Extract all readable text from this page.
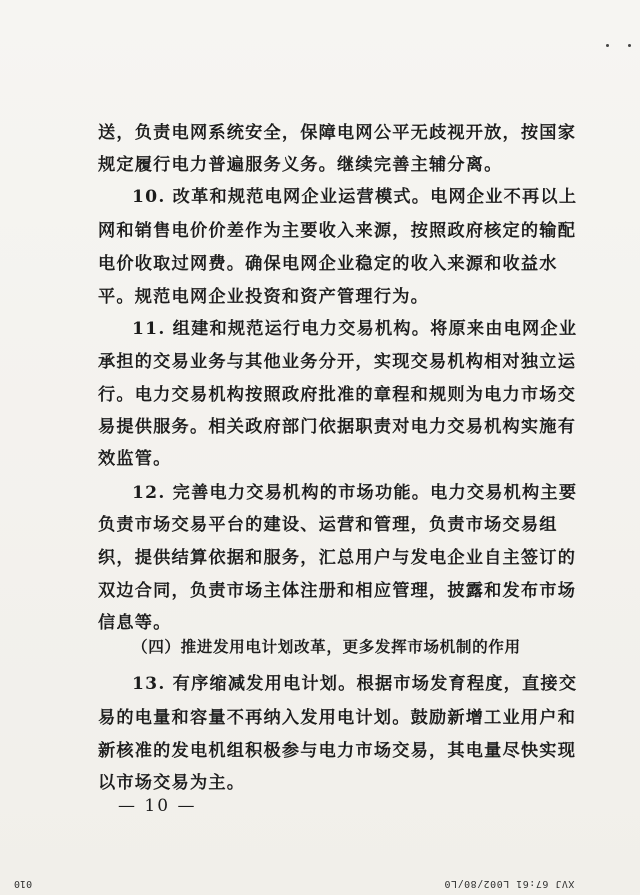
送，负责电网系统安全，保障电网公平无歧视开放，按国家
规定履行电力普遍服务义务。继续完善主辅分离。
10. 改革和规范电网企业运营模式。电网企业不再以上
网和销售电价价差作为主要收入来源，按照政府核定的输配
电价收取过网费。确保电网企业稳定的收入来源和收益水
平。规范电网企业投资和资产管理行为。
11. 组建和规范运行电力交易机构。将原来由电网企业
承担的交易业务与其他业务分开，实现交易机构相对独立运
行。电力交易机构按照政府批准的章程和规则为电力市场交
易提供服务。相关政府部门依据职责对电力交易机构实施有
效监管。
12. 完善电力交易机构的市场功能。电力交易机构主要
负责市场交易平台的建设、运营和管理，负责市场交易组
织，提供结算依据和服务，汇总用户与发电企业自主签订的
双边合同，负责市场主体注册和相应管理，披露和发布市场
信息等。
（四）推进发用电计划改革，更多发挥市场机制的作用
13. 有序缩减发用电计划。根据市场发育程度，直接交
易的电量和容量不再纳入发用电计划。鼓励新增工业用户和
新核准的发电机组积极参与电力市场交易，其电量尽快实现
以市场交易为主。
— 10 —
010	XVJ 67:61 L002/80/L0
